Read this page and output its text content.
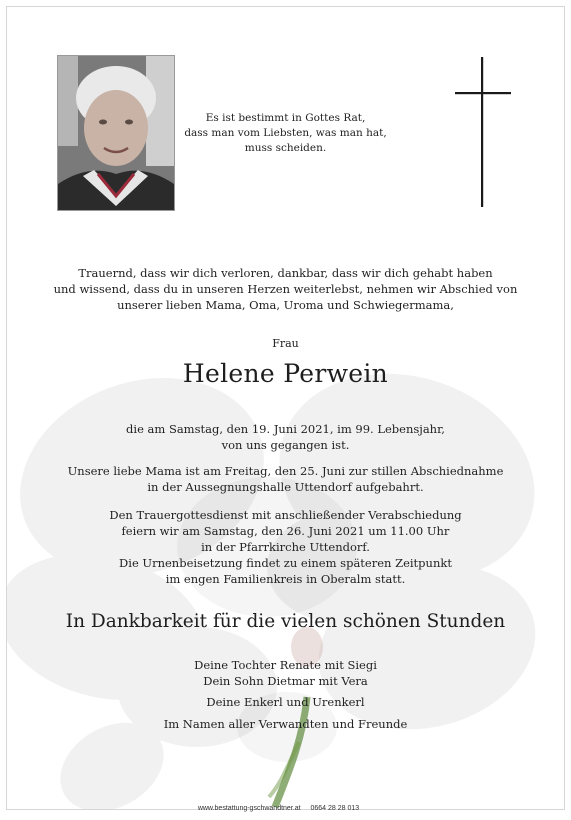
Es ist bestimmt in Gottes Rat,
dass man vom Liebsten, was man hat,
muss scheiden.
Trauernd, dass wir dich verloren, dankbar, dass wir dich gehabt haben
und wissend, dass du in unseren Herzen weiterlebst, nehmen wir Abschied von
unserer lieben Mama, Oma, Uroma und Schwiegermama,
Frau
Helene Perwein
die am Samstag, den 19. Juni 2021, im 99. Lebensjahr,
von uns gegangen ist.
Unsere liebe Mama ist am Freitag, den 25. Juni zur stillen Abschiednahme
in der Aussegnungshalle Uttendorf aufgebahrt.
Den Trauergottesdienst mit anschließender Verabschiedung
feiern wir am Samstag, den 26. Juni 2021 um 11.00 Uhr
in der Pfarrkirche Uttendorf.
Die Urnenbeisetzung findet zu einem späteren Zeitpunkt
im engen Familienkreis in Oberalm statt.
In Dankbarkeit für die vielen schönen Stunden
Deine Tochter Renate mit Siegi
Dein Sohn Dietmar mit Vera
Deine Enkerl und Urenkerl
Im Namen aller Verwandten und Freunde
www.bestattung-gschwandtner.at 0664 28 28 013
